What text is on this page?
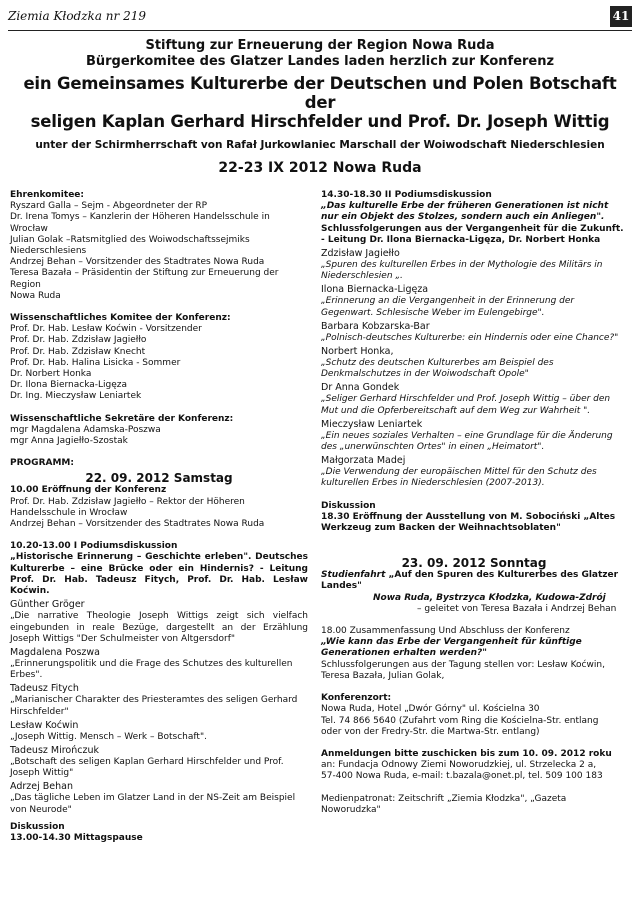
Ziemia Kłodzka nr 219	41
Stiftung zur Erneuerung der Region Nowa Ruda
Bürgerkomitee des Glatzer Landes laden herzlich zur Konferenz
ein Gemeinsames Kulturerbe der Deutschen und Polen Botschaft der
seligen Kaplan Gerhard Hirschfelder und Prof. Dr. Joseph Wittig
unter der Schirmherrschaft von Rafał Jurkowlaniec Marschall der Woiwodschaft Niederschlesien
22-23 IX 2012 Nowa Ruda
Ehrenkomitee:
Ryszard Galla – Sejm - Abgeordneter der RP
Dr. Irena Tomys – Kanzlerin der Höheren Handelsschule in Wrocław
Julian Golak –Ratsmitglied des Woiwodschaftssejmiks
Niederschlesiens
Andrzej Behan – Vorsitzender des Stadtrates Nowa Ruda
Teresa Bazała – Präsidentin der Stiftung zur Erneuerung der Region
Nowa Ruda
Wissenschaftliches Komitee der Konferenz:
Prof. Dr. Hab. Lesław Koćwin - Vorsitzender
Prof. Dr. Hab. Zdzisław Jagiełło
Prof. Dr. Hab. Zdzisław Knecht
Prof. Dr. Hab. Halina Lisicka - Sommer
Dr. Norbert Honka
Dr. Ilona Biernacka-Ligęza
Dr. Ing. Mieczysław Leniartek
Wissenschaftliche Sekretäre der Konferenz:
mgr Magdalena Adamska-Poszwa
mgr Anna Jagiełło-Szostak
PROGRAMM:
22. 09. 2012 Samstag
10.00 Eröffnung der Konferenz
Prof. Dr. Hab. Zdzisław Jagiełło – Rektor der Höheren
Handelsschule in Wrocław
Andrzej Behan – Vorsitzender des Stadtrates Nowa Ruda
10.20-13.00 I Podiumsdiskussion
„Historische Erinnerung – Geschichte erleben". Deutsches Kulturerbe – eine Brücke oder ein Hindernis? - Leitung Prof. Dr. Hab. Tadeusz Fitych, Prof. Dr. Hab. Lesław Koćwin.
Günther Gröger
„Die narrative Theologie Joseph Wittigs zeigt sich vielfach eingebunden in reale Bezüge, dargestellt an der Erzählung Joseph Wittigs "Der Schulmeister von Altgersdorf"
Magdalena Poszwa
„Erinnerungspolitik und die Frage des Schutzes des kulturellen Erbes".
Tadeusz Fitych
„Marianischer Charakter des Priesteramtes des seligen Gerhard Hirschfelder"
Lesław Koćwin
„Joseph Wittig. Mensch – Werk – Botschaft".
Tadeusz Mirończuk
„Botschaft des seligen Kaplan Gerhard Hirschfelder und Prof. Joseph Wittig"
Adrzej Behan
„Das tägliche Leben im Glatzer Land in der NS-Zeit am Beispiel von Neurode"
Diskussion
13.00-14.30 Mittagspause
14.30-18.30 II Podiumsdiskussion
„Das kulturelle Erbe der früheren Generationen ist nicht nur ein Objekt des Stolzes, sondern auch ein Anliegen".
Schlussfolgerungen aus der Vergangenheit für die Zukunft. - Leitung Dr. Ilona Biernacka-Ligęza, Dr. Norbert Honka
Zdzisław Jagiełło
„Spuren des kulturellen Erbes in der Mythologie des Militärs in Niederschlesien „.
Ilona Biernacka-Ligęza
„Erinnerung an die Vergangenheit in der Erinnerung der Gegenwart. Schlesische Weber im Eulengebirge".
Barbara Kobzarska-Bar
„Polnisch-deutsches Kulturerbe: ein Hindernis oder eine Chance?"
Norbert Honka,
„Schutz des deutschen Kulturerbes am Beispiel des Denkmalschutzes in der Woiwodschaft Opole"
Dr Anna Gondek
„Seliger Gerhard Hirschfelder und Prof. Joseph Wittig – über den Mut und die Opferbereitschaft auf dem Weg zur Wahrheit ".
Mieczysław Leniartek
„Ein neues soziales Verhalten – eine Grundlage für die Änderung des „unerwünschten Ortes" in einen „Heimatort".
Małgorzata Madej
„Die Verwendung der europäischen Mittel für den Schutz des kulturellen Erbes in Niederschlesien (2007-2013).
Diskussion
18.30 Eröffnung der Ausstellung von M. Sobociński „Altes Werkzeug zum Backen der Weihnachtsoblaten"
23. 09. 2012 Sonntag
Studienfahrt „Auf den Spuren des Kulturerbes des Glatzer Landes"
Nowa Ruda, Bystrzyca Kłodzka, Kudowa-Zdrój
– geleitet von Teresa Bazała i Andrzej Behan
18.00 Zusammenfassung Und Abschluss der Konferenz
„Wie kann das Erbe der Vergangenheit für künftige Generationen erhalten werden?"
Schlussfolgerungen aus der Tagung stellen vor: Lesław Koćwin, Teresa Bazała, Julian Golak,
Konferenzort:
Nowa Ruda, Hotel „Dwór Górny" ul. Kościelna 30
Tel. 74 866 5640 (Zufahrt vom Ring die Kościelna-Str. entlang
oder von der Fredry-Str. die Martwa-Str. entlang)
Anmeldungen bitte zuschicken bis zum 10. 09. 2012 roku
an: Fundacja Odnowy Ziemi Noworudzkiej, ul. Strzelecka 2 a,
57-400 Nowa Ruda, e-mail: t.bazala@onet.pl, tel. 509 100 183
Medienpatronat: Zeitschrift „Ziemia Kłodzka", „Gazeta Noworudzka"
